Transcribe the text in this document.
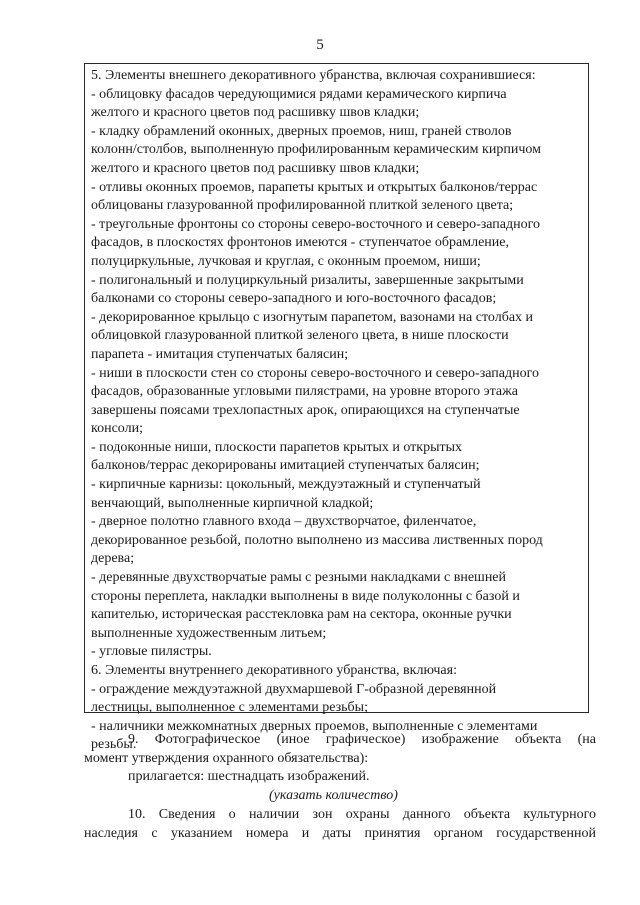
5
5. Элементы внешнего декоративного убранства, включая сохранившиеся:
- облицовку фасадов чередующимися рядами керамического кирпича
желтого и красного цветов под расшивку швов кладки;
- кладку обрамлений оконных, дверных проемов, ниш, граней стволов
колонн/столбов, выполненную профилированным керамическим кирпичом
желтого и красного цветов под расшивку швов кладки;
- отливы оконных проемов, парапеты крытых и открытых балконов/террас
облицованы глазурованной профилированной плиткой зеленого цвета;
- треугольные фронтоны со стороны северо-восточного и северо-западного
фасадов, в плоскостях фронтонов имеются - ступенчатое обрамление,
полуциркульные, лучковая и круглая, с оконным проемом, ниши;
- полигональный и полуциркульный ризалиты, завершенные закрытыми
балконами со стороны северо-западного и юго-восточного фасадов;
- декорированное крыльцо с изогнутым парапетом, вазонами на столбах и
облицовкой глазурованной плиткой зеленого цвета, в нише плоскости
парапета - имитация ступенчатых балясин;
- ниши в плоскости стен со стороны северо-восточного и северо-западного
фасадов, образованные угловыми пилястрами, на уровне второго этажа
завершены поясами трехлопастных арок, опирающихся на ступенчатые
консоли;
- подоконные ниши, плоскости парапетов крытых и открытых
балконов/террас декорированы имитацией ступенчатых балясин;
- кирпичные карнизы: цокольный, междуэтажный и ступенчатый
венчающий, выполненные кирпичной кладкой;
- дверное полотно главного входа – двухстворчатое, филенчатое,
декорированное резьбой, полотно выполнено из массива лиственных пород
дерева;
- деревянные двухстворчатые рамы с резными накладками с внешней
стороны переплета, накладки выполнены в виде полуколонны с базой и
капителью, историческая расстекловка рам на сектора, оконные ручки
выполненные художественным литьем;
- угловые пилястры.
6. Элементы внутреннего декоративного убранства, включая:
- ограждение междуэтажной двухмаршевой Г-образной деревянной
лестницы, выполненное с элементами резьбы;
- наличники межкомнатных дверных проемов, выполненные с элементами
резьбы.
9. Фотографическое (иное графическое) изображение объекта (на
момент утверждения охранного обязательства):
прилагается: шестнадцать изображений.
(указать количество)
10. Сведения о наличии зон охраны данного объекта культурного
наследия с указанием номера и даты принятия органом государственной
